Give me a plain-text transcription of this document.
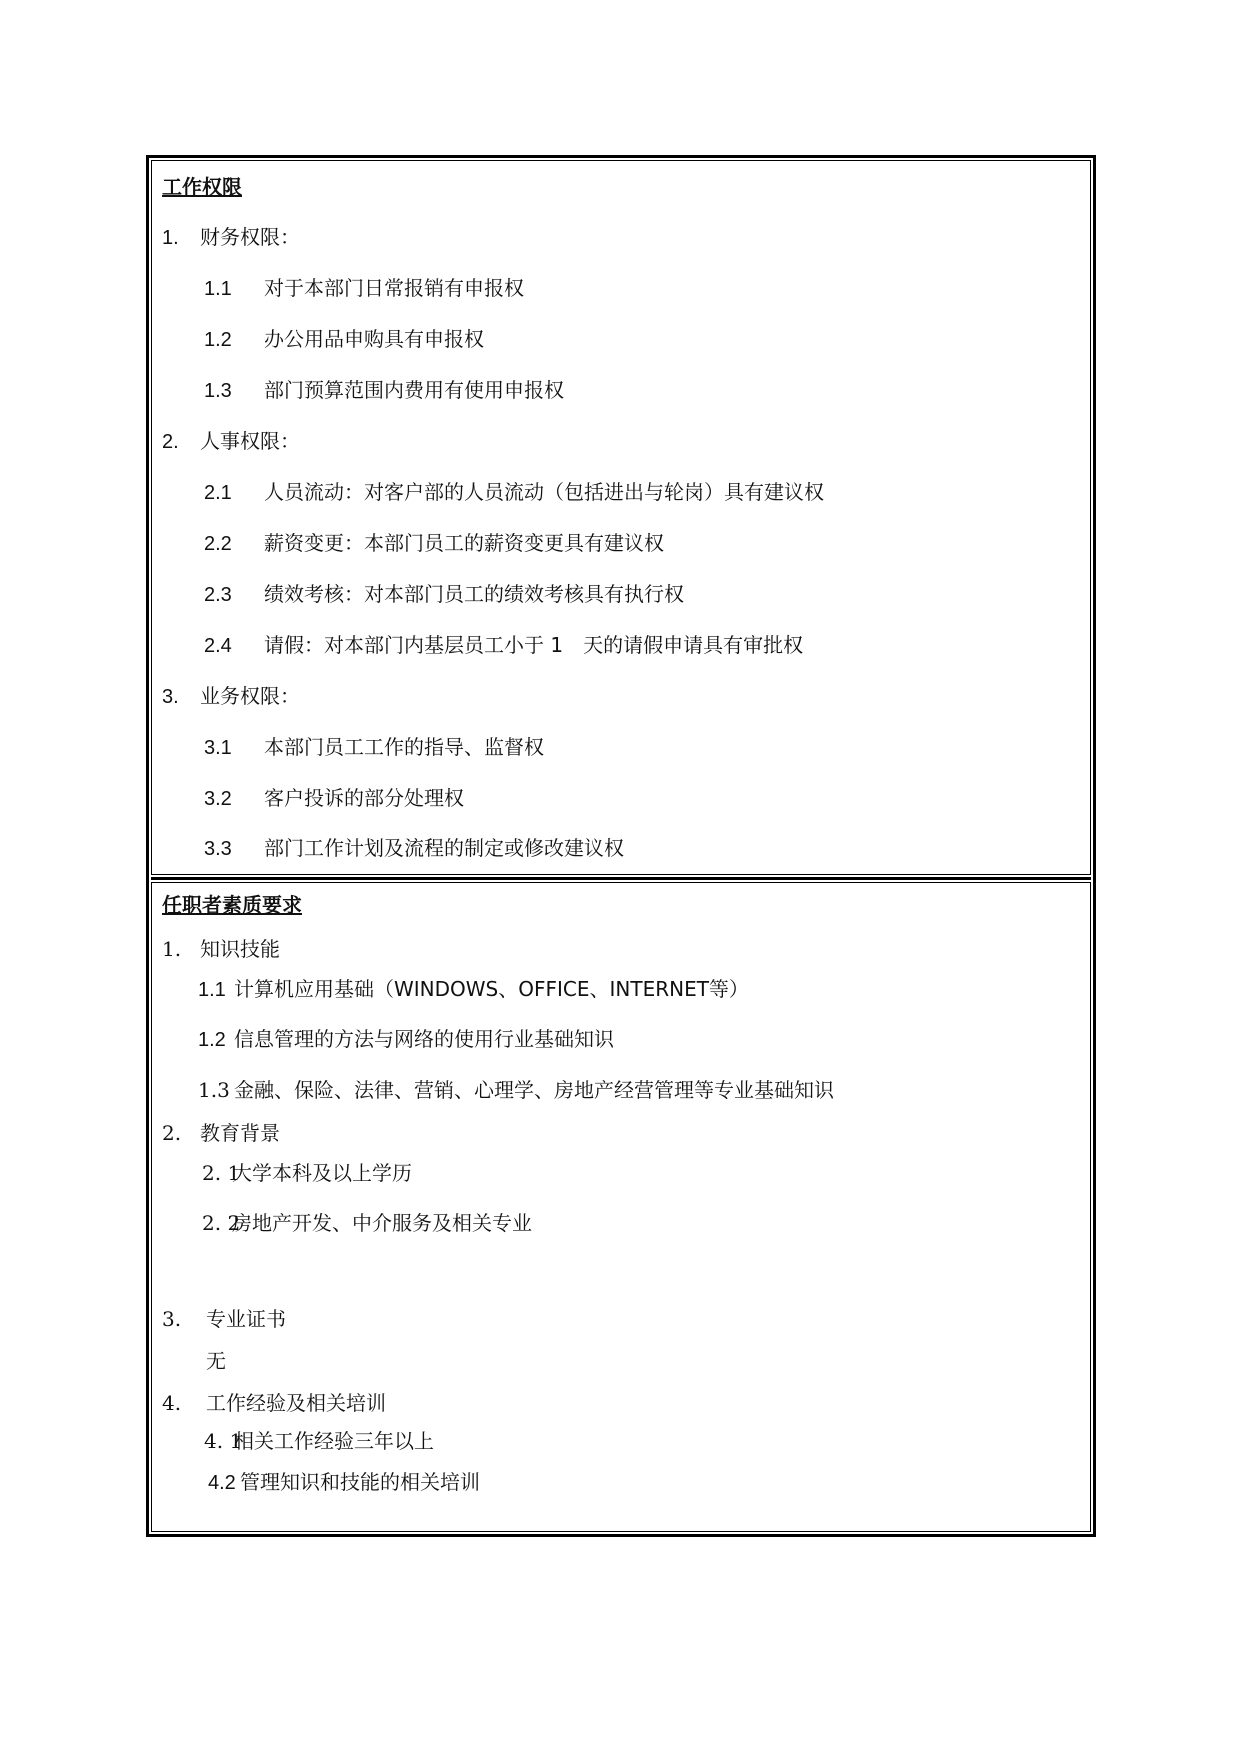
工作权限
1. 财务权限：
1.1 对于本部门日常报销有申报权
1.2 办公用品申购具有申报权
1.3 部门预算范围内费用有使用申报权
2. 人事权限：
2.1 人员流动：对客户部的人员流动（包括进出与轮岗）具有建议权
2.2 薪资变更：本部门员工的薪资变更具有建议权
2.3 绩效考核：对本部门员工的绩效考核具有执行权
2.4 请假：对本部门内基层员工小于 1　天的请假申请具有审批权
3. 业务权限：
3.1 本部门员工工作的指导、监督权
3.2 客户投诉的部分处理权
3.3 部门工作计划及流程的制定或修改建议权
任职者素质要求
1. 知识技能
1.1 计算机应用基础（WINDOWS、OFFICE、INTERNET等）
1.2 信息管理的方法与网络的使用行业基础知识
1.3 金融、保险、法律、营销、心理学、房地产经营管理等专业基础知识
2. 教育背景
2. 1大学本科及以上学历
2. 2房地产开发、中介服务及相关专业
3. 专业证书
无
4. 工作经验及相关培训
4. 1相关工作经验三年以上
4.2 管理知识和技能的相关培训
